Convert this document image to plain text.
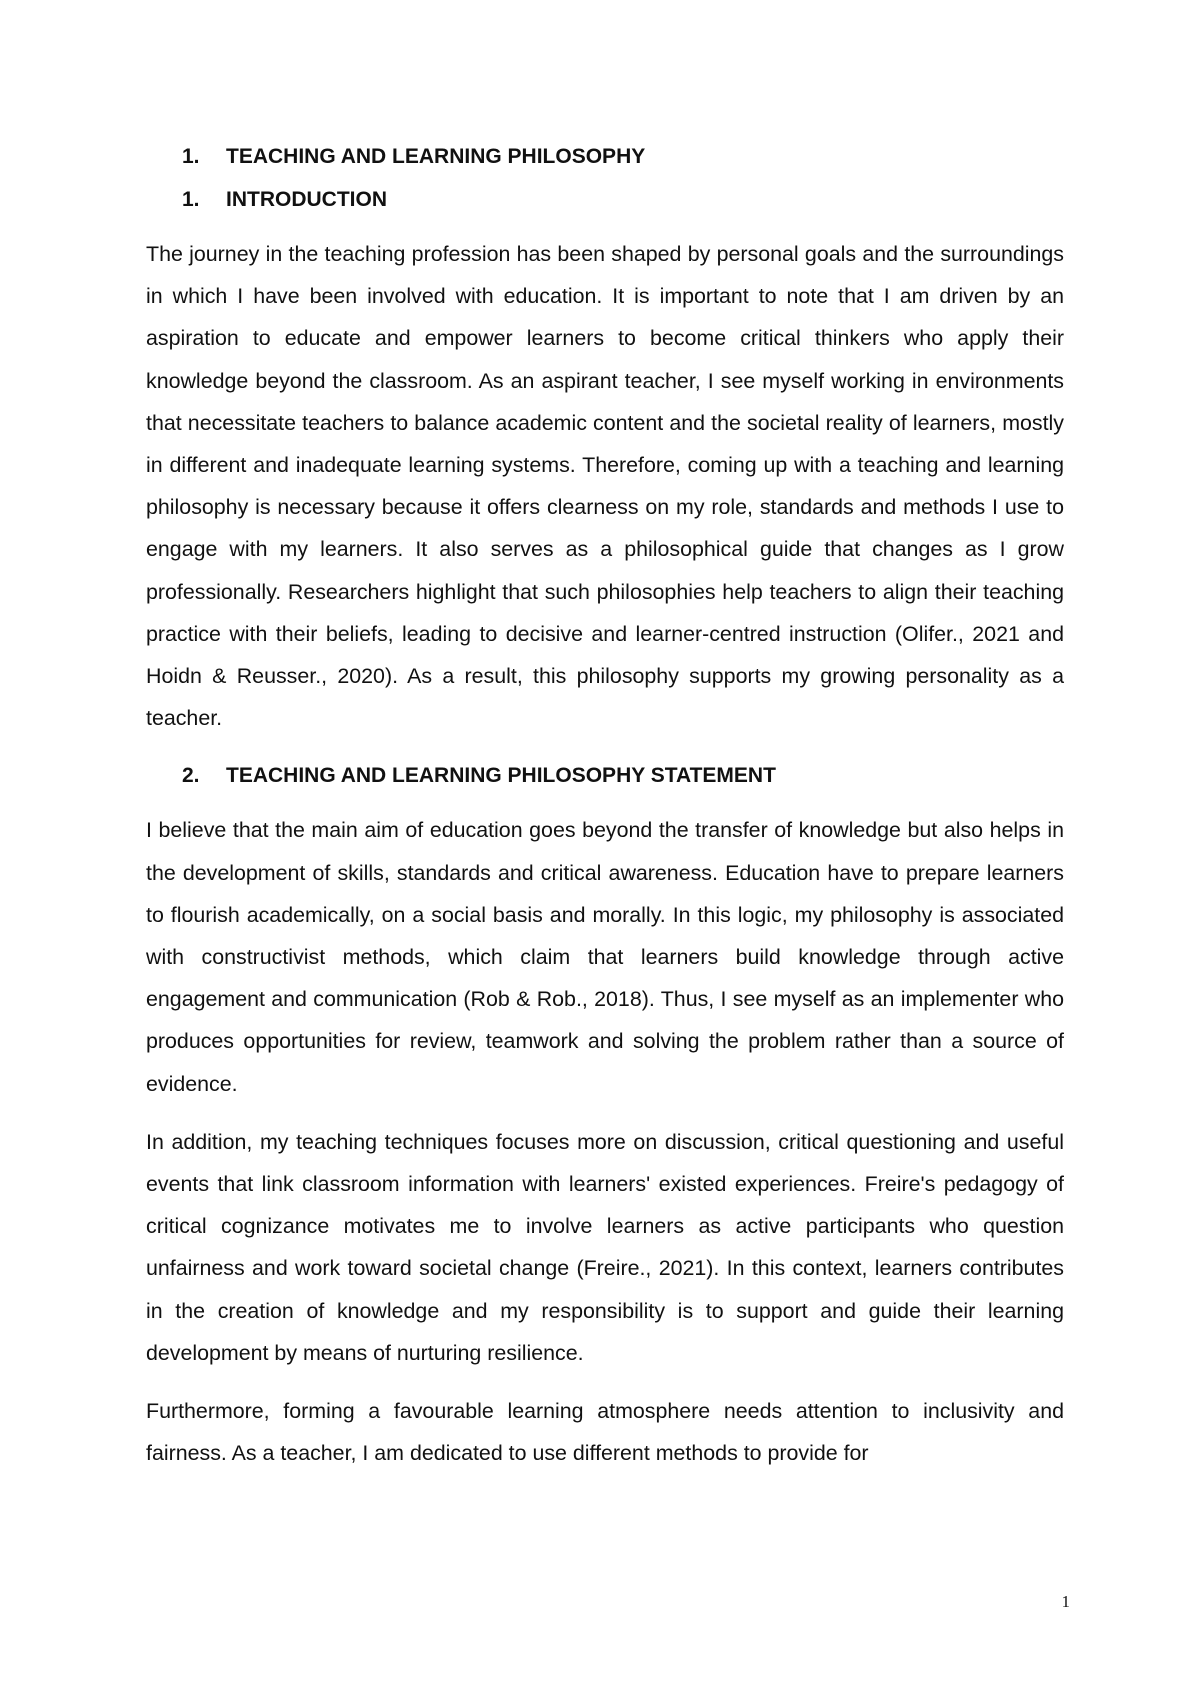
1.	TEACHING AND LEARNING PHILOSOPHY
1.	INTRODUCTION

The journey in the teaching profession has been shaped by personal goals and the surroundings in which I have been involved with education. It is important to note that I am driven by an aspiration to educate and empower learners to become critical thinkers who apply their knowledge beyond the classroom. As an aspirant teacher, I see myself working in environments that necessitate teachers to balance academic content and the societal reality of learners, mostly in different and inadequate learning systems. Therefore, coming up with a teaching and learning philosophy is necessary because it offers clearness on my role, standards and methods I use to engage with my learners. It also serves as a philosophical guide that changes as I grow professionally. Researchers highlight that such philosophies help teachers to align their teaching practice with their beliefs, leading to decisive and learner-centred instruction (Olifer., 2021 and Hoidn & Reusser., 2020). As a result, this philosophy supports my growing personality as a teacher.

2.	TEACHING AND LEARNING PHILOSOPHY STATEMENT

I believe that the main aim of education goes beyond the transfer of knowledge but also helps in the development of skills, standards and critical awareness. Education have to prepare learners to flourish academically, on a social basis and morally. In this logic, my philosophy is associated with constructivist methods, which claim that learners build knowledge through active engagement and communication (Rob & Rob., 2018). Thus, I see myself as an implementer who produces opportunities for review, teamwork and solving the problem rather than a source of evidence.

In addition, my teaching techniques focuses more on discussion, critical questioning and useful events that link classroom information with learners' existed experiences. Freire's pedagogy of critical cognizance motivates me to involve learners as active participants who question unfairness and work toward societal change (Freire., 2021). In this context, learners contributes in the creation of knowledge and my responsibility is to support and guide their learning development by means of nurturing resilience.

Furthermore, forming a favourable learning atmosphere needs attention to inclusivity and fairness. As a teacher, I am dedicated to use different methods to provide for

1
